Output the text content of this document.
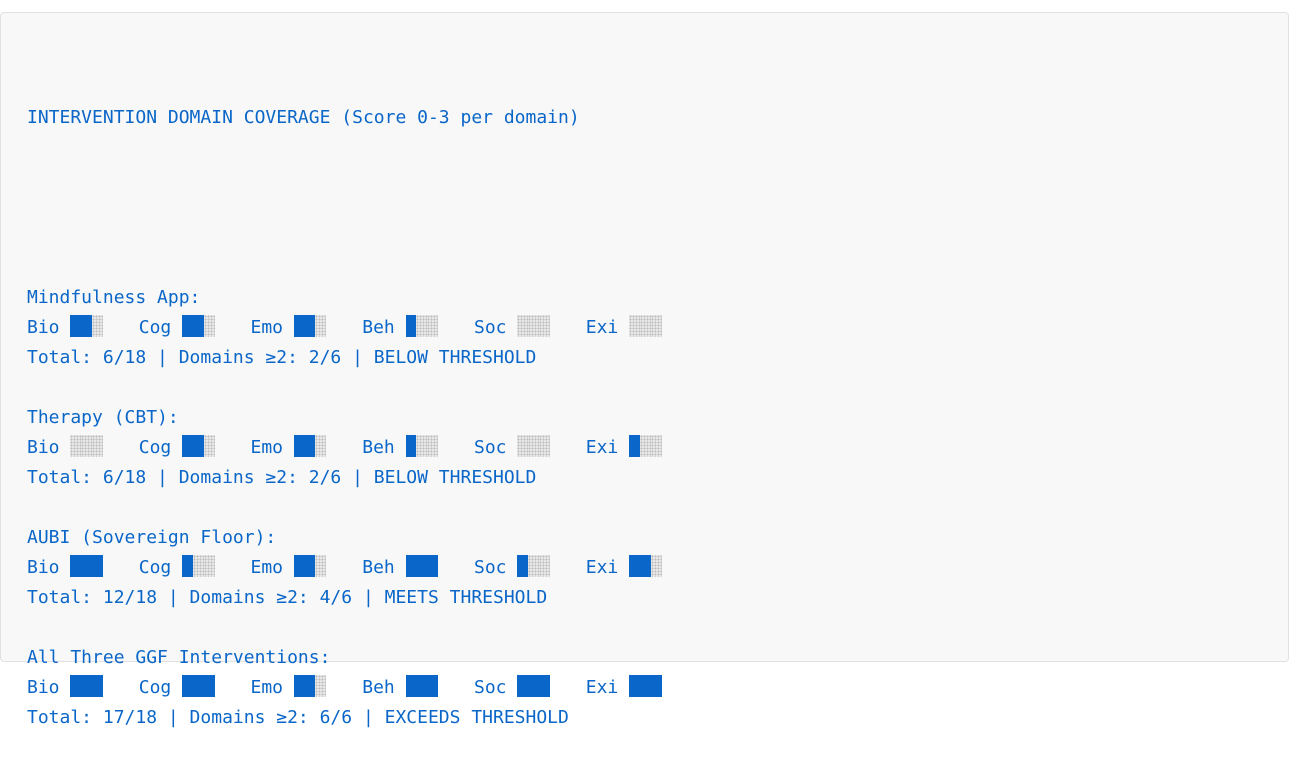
INTERVENTION DOMAIN COVERAGE (Score 0-3 per domain)

Mindfulness App:
Bio	Cog	Emo	Beh	Soc	Exi
Total: 6/18 | Domains ≥2: 2/6 | BELOW THRESHOLD
Therapy (CBT):
Bio	Cog	Emo	Beh	Soc	Exi
Total: 6/18 | Domains ≥2: 2/6 | BELOW THRESHOLD
AUBI (Sovereign Floor):
Bio	Cog	Emo	Beh	Soc	Exi
Total: 12/18 | Domains ≥2: 4/6 | MEETS THRESHOLD
All Three GGF Interventions:
Bio	Cog	Emo	Beh	Soc	Exi
Total: 17/18 | Domains ≥2: 6/6 | EXCEEDS THRESHOLD
